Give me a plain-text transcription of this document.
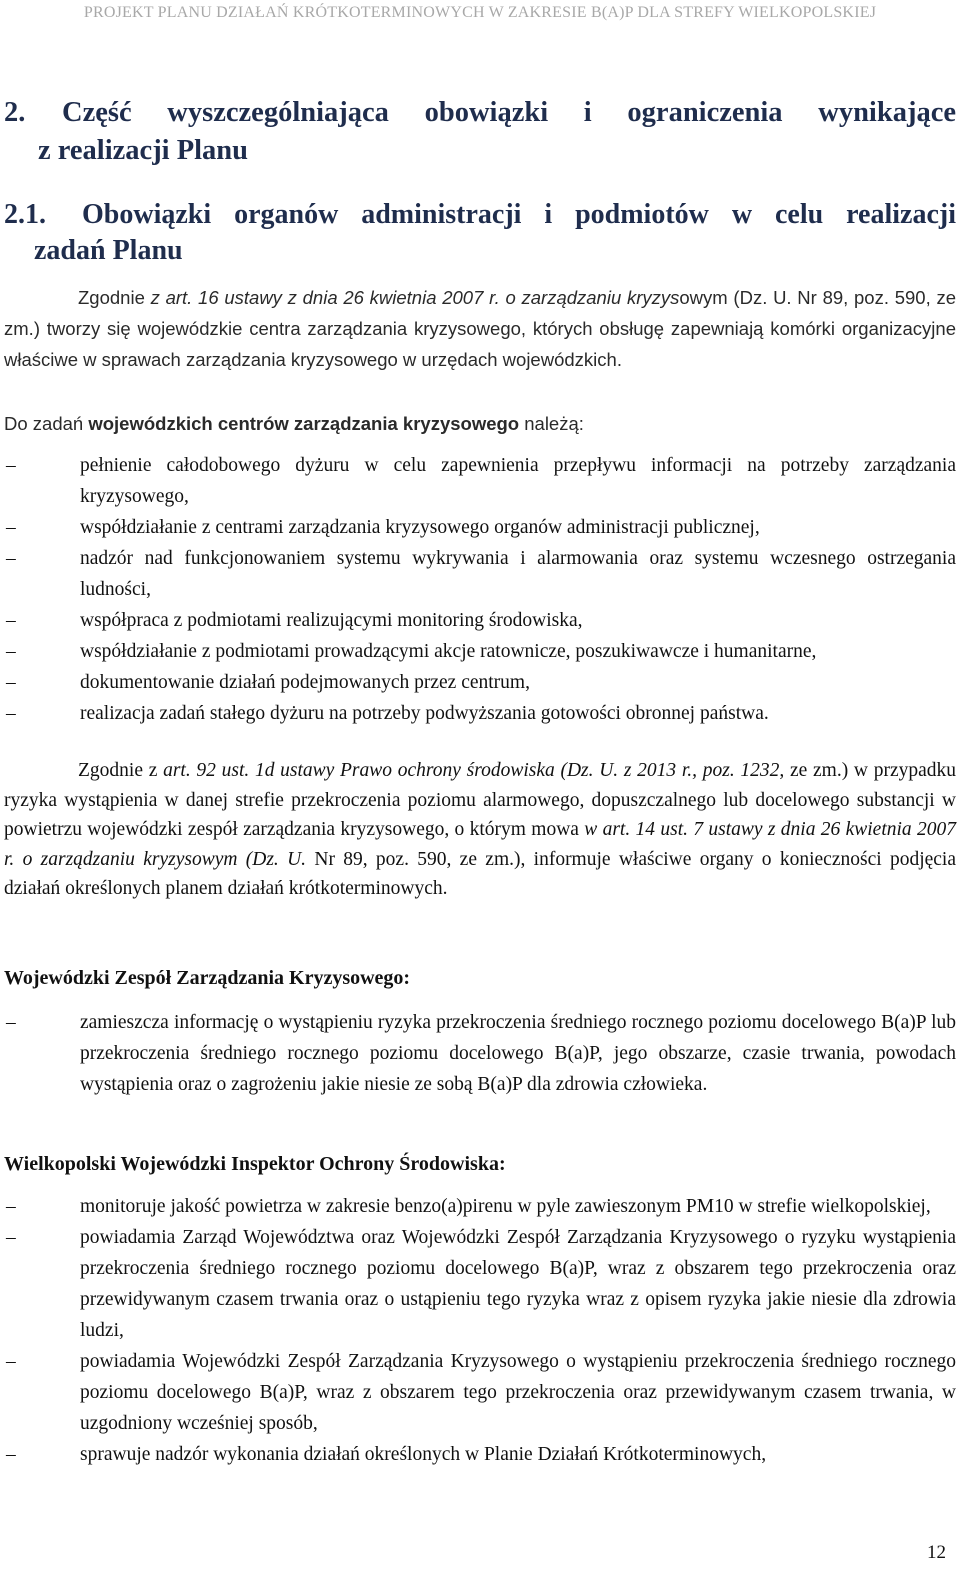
PROJEKT PLANU DZIAŁAŃ KRÓTKOTERMINOWYCH W ZAKRESIE B(A)P DLA STREFY WIELKOPOLSKIEJ
2.	Część wyszczególniająca obowiązki i ograniczenia wynikające
z realizacji Planu
2.1.	Obowiązki organów administracji i podmiotów w celu realizacji
zadań Planu

Zgodnie z art. 16 ustawy z dnia 26 kwietnia 2007 r. o zarządzaniu kryzysowym (Dz. U. Nr 89, poz. 590, ze zm.) tworzy się wojewódzkie centra zarządzania kryzysowego, których obsługę zapewniają komórki organizacyjne właściwe w sprawach zarządzania kryzysowego w urzędach wojewódzkich.

Do zadań wojewódzkich centrów zarządzania kryzysowego należą:

–	pełnienie całodobowego dyżuru w celu zapewnienia przepływu informacji na potrzeby zarządzania kryzysowego,
–	współdziałanie z centrami zarządzania kryzysowego organów administracji publicznej,
–	nadzór nad funkcjonowaniem systemu wykrywania i alarmowania oraz systemu wczesnego ostrzegania ludności,
–	współpraca z podmiotami realizującymi monitoring środowiska,
–	współdziałanie z podmiotami prowadzącymi akcje ratownicze, poszukiwawcze i humanitarne,
–	dokumentowanie działań podejmowanych przez centrum,
–	realizacja zadań stałego dyżuru na potrzeby podwyższania gotowości obronnej państwa.

Zgodnie z art. 92 ust. 1d ustawy Prawo ochrony środowiska (Dz. U. z 2013 r., poz. 1232, ze zm.) w przypadku ryzyka wystąpienia w danej strefie przekroczenia poziomu alarmowego, dopuszczalnego lub docelowego substancji w powietrzu wojewódzki zespół zarządzania kryzysowego, o którym mowa w art. 14 ust. 7 ustawy z dnia 26 kwietnia 2007 r. o zarządzaniu kryzysowym (Dz. U. Nr 89, poz. 590, ze zm.), informuje właściwe organy o konieczności podjęcia działań określonych planem działań krótkoterminowych.

Wojewódzki Zespół Zarządzania Kryzysowego:
–	zamieszcza informację o wystąpieniu ryzyka przekroczenia średniego rocznego poziomu docelowego B(a)P lub przekroczenia średniego rocznego poziomu docelowego B(a)P, jego obszarze, czasie trwania, powodach wystąpienia oraz o zagrożeniu jakie niesie ze sobą B(a)P dla zdrowia człowieka.
Wielkopolski Wojewódzki Inspektor Ochrony Środowiska:
–	monitoruje jakość powietrza w zakresie benzo(a)pirenu w pyle zawieszonym PM10 w strefie wielkopolskiej,
–	powiadamia Zarząd Województwa oraz Wojewódzki Zespół Zarządzania Kryzysowego o ryzyku wystąpienia przekroczenia średniego rocznego poziomu docelowego B(a)P, wraz z obszarem tego przekroczenia oraz przewidywanym czasem trwania oraz o ustąpieniu tego ryzyka wraz z opisem ryzyka jakie niesie dla zdrowia ludzi,
–	powiadamia Wojewódzki Zespół Zarządzania Kryzysowego o wystąpieniu przekroczenia średniego rocznego poziomu docelowego B(a)P, wraz z obszarem tego przekroczenia oraz przewidywanym czasem trwania, w uzgodniony wcześniej sposób,
–	sprawuje nadzór wykonania działań określonych w Planie Działań Krótkoterminowych,
12
